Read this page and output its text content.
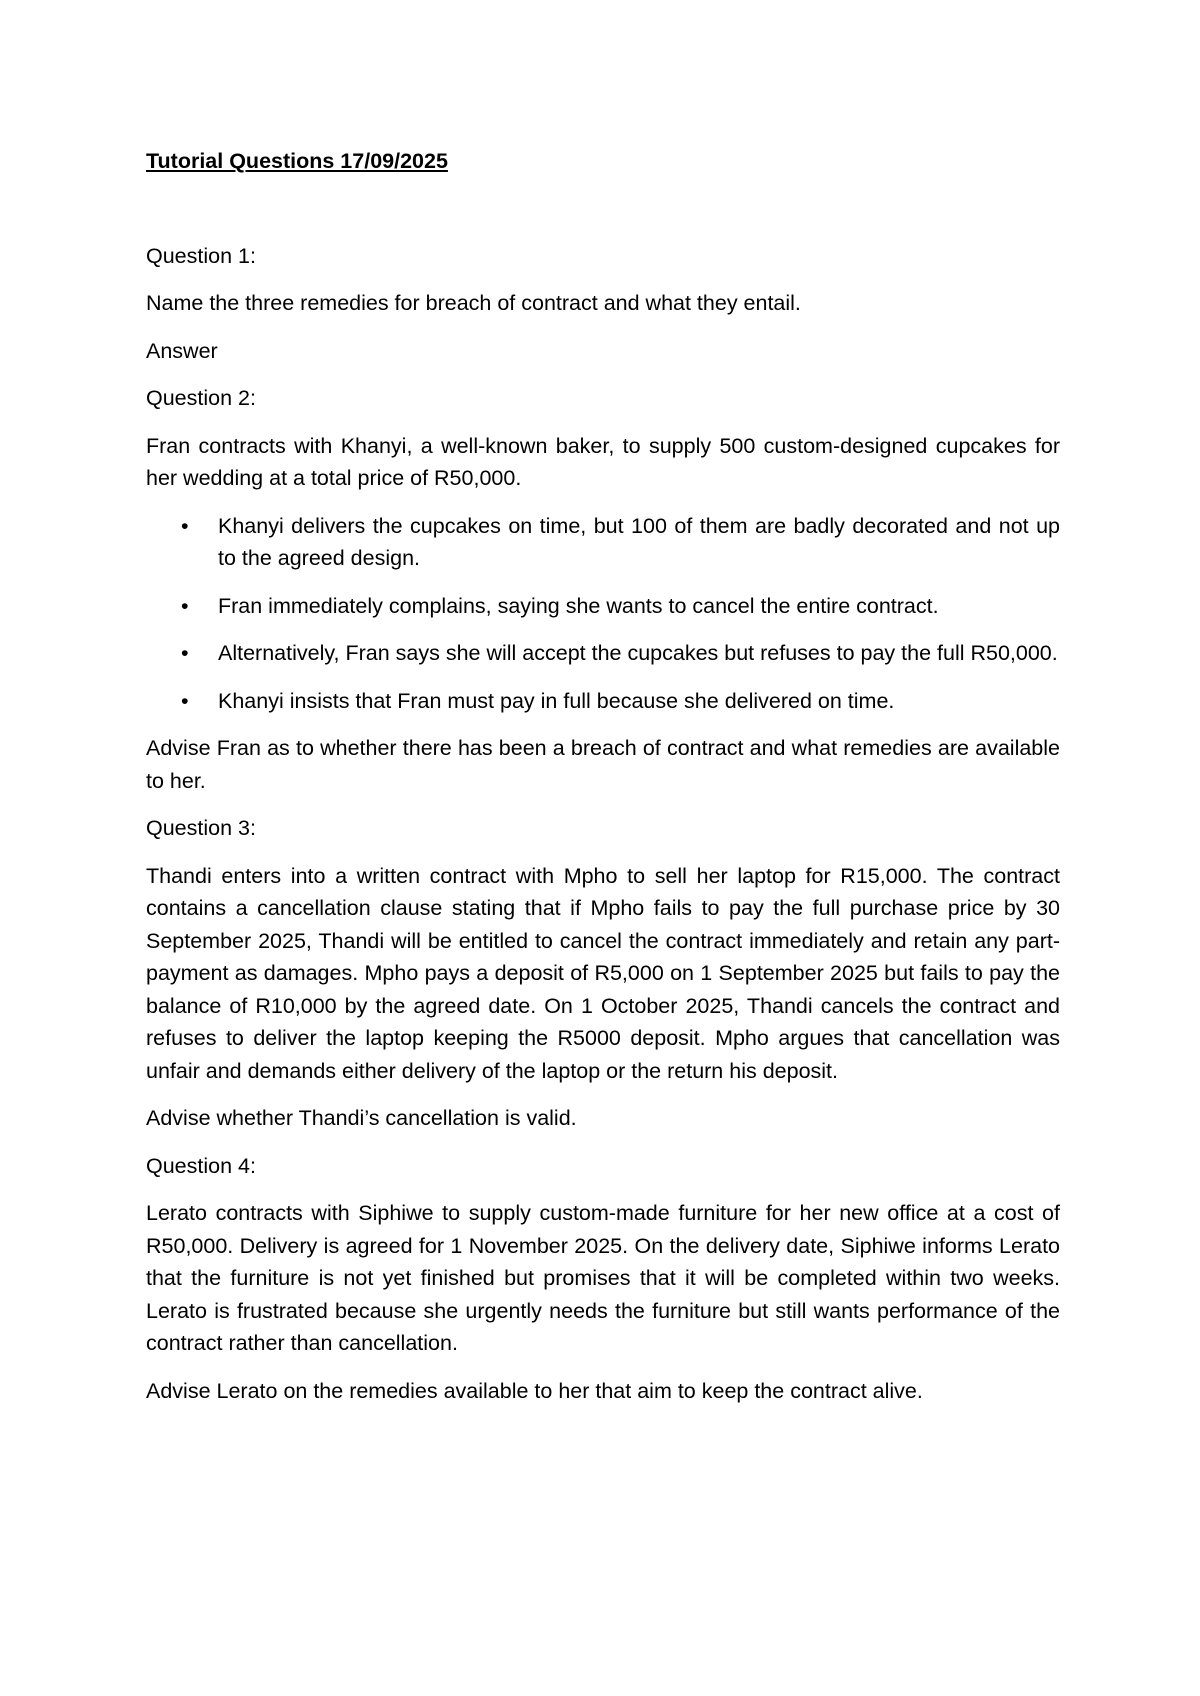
Tutorial Questions 17/09/2025

Question 1:

Name the three remedies for breach of contract and what they entail.

Answer

Question 2:

Fran contracts with Khanyi, a well-known baker, to supply 500 custom-designed cupcakes for her wedding at a total price of R50,000.

• Khanyi delivers the cupcakes on time, but 100 of them are badly decorated and not up to the agreed design.
• Fran immediately complains, saying she wants to cancel the entire contract.
• Alternatively, Fran says she will accept the cupcakes but refuses to pay the full R50,000.
• Khanyi insists that Fran must pay in full because she delivered on time.

Advise Fran as to whether there has been a breach of contract and what remedies are available to her.

Question 3:

Thandi enters into a written contract with Mpho to sell her laptop for R15,000. The contract contains a cancellation clause stating that if Mpho fails to pay the full purchase price by 30 September 2025, Thandi will be entitled to cancel the contract immediately and retain any part-payment as damages. Mpho pays a deposit of R5,000 on 1 September 2025 but fails to pay the balance of R10,000 by the agreed date. On 1 October 2025, Thandi cancels the contract and refuses to deliver the laptop keeping the R5000 deposit. Mpho argues that cancellation was unfair and demands either delivery of the laptop or the return his deposit.

Advise whether Thandi’s cancellation is valid.

Question 4:

Lerato contracts with Siphiwe to supply custom-made furniture for her new office at a cost of R50,000. Delivery is agreed for 1 November 2025. On the delivery date, Siphiwe informs Lerato that the furniture is not yet finished but promises that it will be completed within two weeks. Lerato is frustrated because she urgently needs the furniture but still wants performance of the contract rather than cancellation.

Advise Lerato on the remedies available to her that aim to keep the contract alive.
